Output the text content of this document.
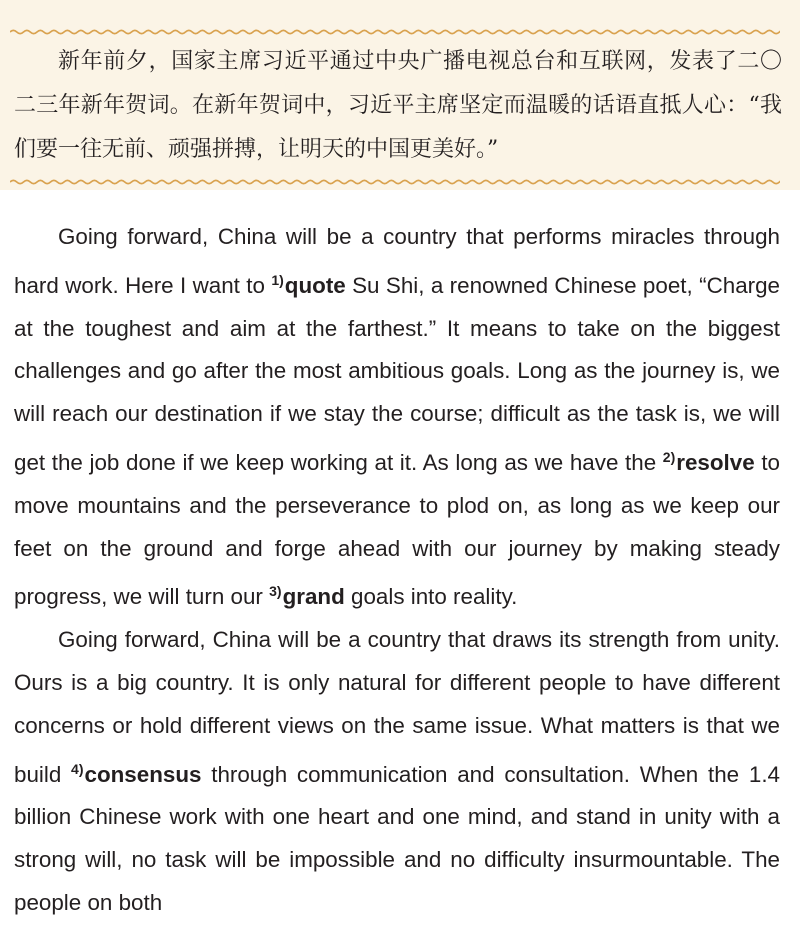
新年前夕，国家主席习近平通过中央广播电视总台和互联网，发表了二〇二三年新年贺词。在新年贺词中，习近平主席坚定而温暖的话语直抵人心：“我们要一往无前、顽强拼搏，让明天的中国更美好。”

Going forward, China will be a country that performs miracles through hard work. Here I want to $^{1)}$quote Su Shi, a renowned Chinese poet, “Charge at the toughest and aim at the farthest.” It means to take on the biggest challenges and go after the most ambitious goals. Long as the journey is, we will reach our destination if we stay the course; difficult as the task is, we will get the job done if we keep working at it. As long as we have the $^{2)}$resolve to move mountains and the perseverance to plod on, as long as we keep our feet on the ground and forge ahead with our journey by making steady progress, we will turn our $^{3)}$grand goals into reality.

Going forward, China will be a country that draws its strength from unity. Ours is a big country. It is only natural for different people to have different concerns or hold different views on the same issue. What matters is that we build $^{4)}$consensus through communication and consultation. When the 1.4 billion Chinese work with one heart and one mind, and stand in unity with a strong will, no task will be impossible and no difficulty insurmountable. The people on both
